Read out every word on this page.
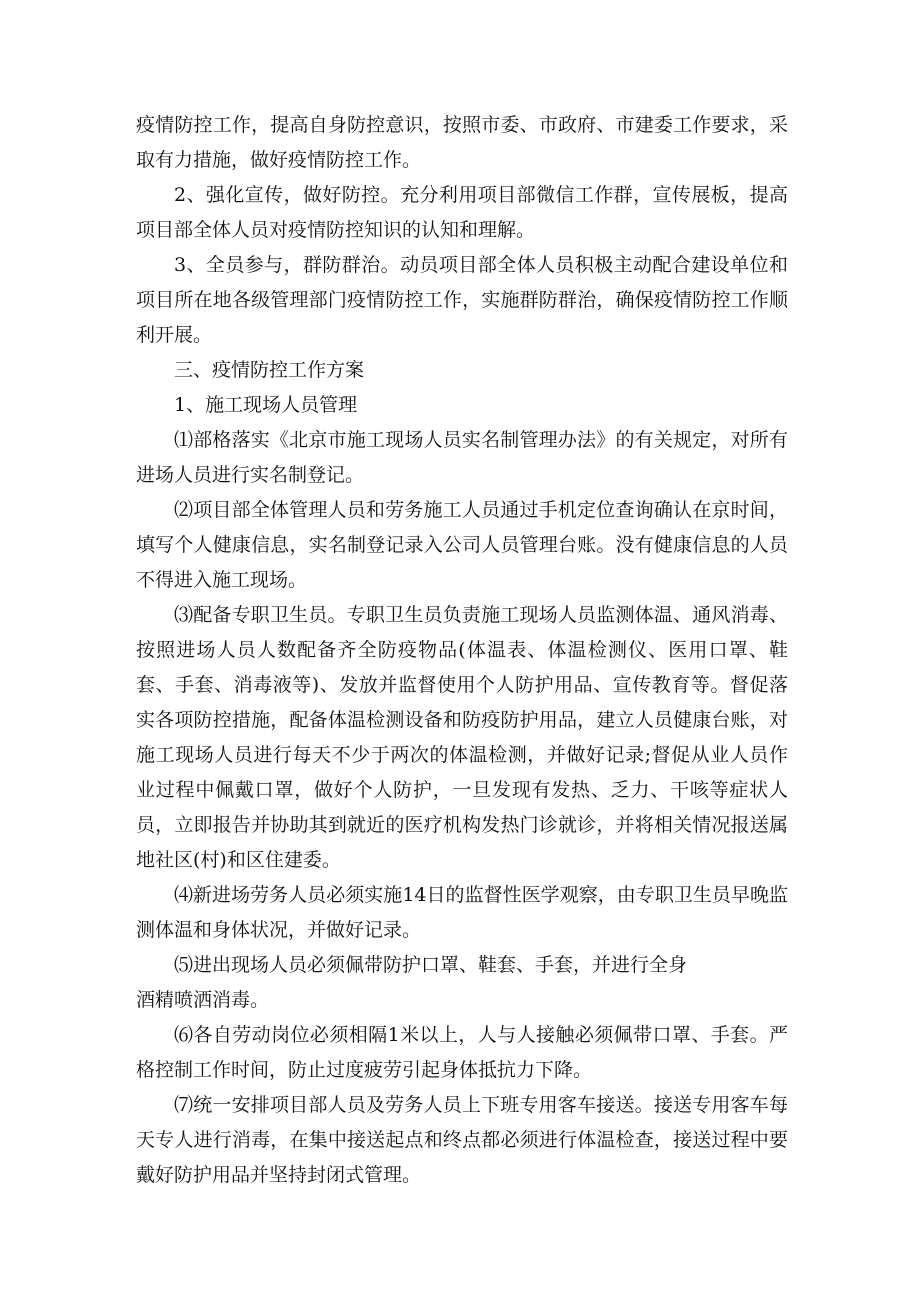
疫情防控工作，提高自身防控意识，按照市委、市政府、市建委工作要求，采取有力措施，做好疫情防控工作。

2、强化宣传，做好防控。充分利用项目部微信工作群，宣传展板，提高项目部全体人员对疫情防控知识的认知和理解。

3、全员参与，群防群治。动员项目部全体人员积极主动配合建设单位和项目所在地各级管理部门疫情防控工作，实施群防群治，确保疫情防控工作顺利开展。

三、疫情防控工作方案

1、施工现场人员管理

⑴部格落实《北京市施工现场人员实名制管理办法》的有关规定，对所有进场人员进行实名制登记。

⑵项目部全体管理人员和劳务施工人员通过手机定位查询确认在京时间，填写个人健康信息，实名制登记录入公司人员管理台账。没有健康信息的人员不得进入施工现场。

⑶配备专职卫生员。专职卫生员负责施工现场人员监测体温、通风消毒、按照进场人员人数配备齐全防疫物品(体温表、体温检测仪、医用口罩、鞋套、手套、消毒液等)、发放并监督使用个人防护用品、宣传教育等。督促落实各项防控措施，配备体温检测设备和防疫防护用品，建立人员健康台账，对施工现场人员进行每天不少于两次的体温检测，并做好记录;督促从业人员作业过程中佩戴口罩，做好个人防护，一旦发现有发热、乏力、干咳等症状人员，立即报告并协助其到就近的医疗机构发热门诊就诊，并将相关情况报送属地社区(村)和区住建委。

⑷新进场劳务人员必须实施14日的监督性医学观察，由专职卫生员早晚监测体温和身体状况，并做好记录。

⑸进出现场人员必须佩带防护口罩、鞋套、手套，并进行全身

酒精喷洒消毒。

⑹各自劳动岗位必须相隔1米以上，人与人接触必须佩带口罩、手套。严格控制工作时间，防止过度疲劳引起身体抵抗力下降。

⑺统一安排项目部人员及劳务人员上下班专用客车接送。接送专用客车每天专人进行消毒，在集中接送起点和终点都必须进行体温检查，接送过程中要戴好防护用品并坚持封闭式管理。
